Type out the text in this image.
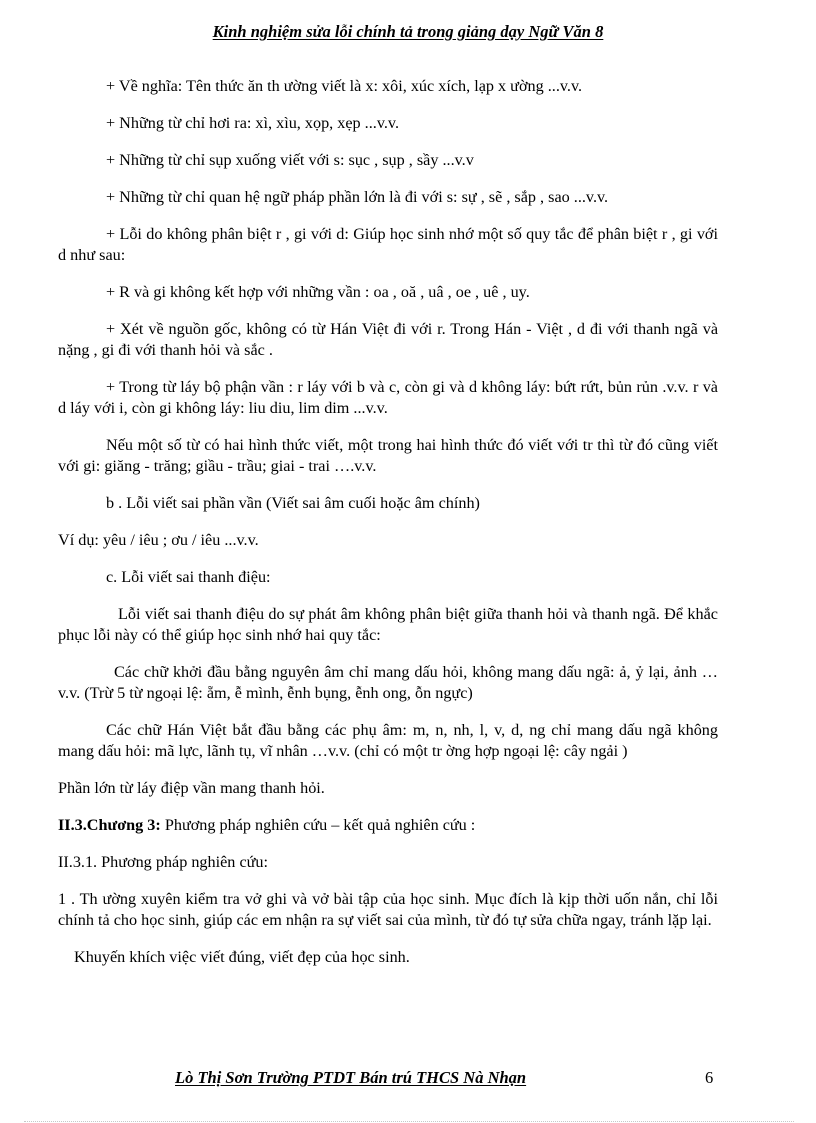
Kinh nghiệm sửa lỗi chính tả trong giảng dạy Ngữ Văn 8

+ Về nghĩa: Tên thức ăn th ường viết là x: xôi, xúc xích, lạp x ường ...v.v.

+ Những từ chỉ hơi ra: xì, xìu, xọp, xẹp ...v.v.

+ Những từ chỉ sụp xuống viết với s: sục , sụp , sầy ...v.v

+ Những từ chỉ quan hệ ngữ pháp phần lớn là đi với s: sự , sẽ , sắp , sao ...v.v.

+ Lỗi do không phân biệt r , gi với d: Giúp học sinh nhớ một số quy tắc để phân biệt r , gi với d như sau:

+ R và gi không kết hợp với những vần : oa , oă , uâ , oe , uê , uy.

+ Xét về nguồn gốc, không có từ Hán Việt đi với r. Trong Hán - Việt , d đi với thanh ngã và nặng , gi đi với thanh hỏi và sắc .

+ Trong từ láy bộ phận vần : r láy với b và c, còn gi và d không láy: bứt rứt, bủn rủn .v.v. r và d láy với i, còn gi không láy: liu diu, lim dim ...v.v.

Nếu một số từ có hai hình thức viết, một trong hai hình thức đó viết với tr thì từ đó cũng viết với gi: giăng - trăng; giầu - trầu; giai - trai ….v.v.

b . Lỗi viết sai phần vần (Viết sai âm cuối hoặc âm chính)

Ví dụ: yêu / iêu ; ơu / iêu ...v.v.

c. Lỗi viết sai thanh điệu:

Lỗi viết sai thanh điệu do sự phát âm không phân biệt giữa thanh hỏi và thanh ngã. Để khắc phục lỗi này có thể giúp học sinh nhớ hai quy tắc:

Các chữ khởi đầu bằng nguyên âm chỉ mang dấu hỏi, không mang dấu ngã: ả, ỷ lại, ảnh …v.v. (Trừ 5 từ ngoại lệ: ẵm, ễ mình, ễnh bụng, ễnh ong, ỗn ngực)

Các chữ Hán Việt bắt đầu bằng các phụ âm: m, n, nh, l, v, d, ng chỉ mang dấu ngã không mang dấu hỏi: mã lực, lãnh tụ, vĩ nhân …v.v. (chỉ có một tr ờng hợp ngoại lệ: cây ngải )

Phần lớn từ láy điệp vần mang thanh hỏi.

II.3.Chương 3: Phương pháp nghiên cứu – kết quả nghiên cứu :

II.3.1. Phương pháp nghiên cứu:

1 . Th ường xuyên kiểm tra vở ghi và vở bài tập của học sinh. Mục đích là kịp thời uốn nắn, chỉ lỗi chính tả cho học sinh, giúp các em nhận ra sự viết sai của mình, từ đó tự sửa chữa ngay, tránh lặp lại.

Khuyến khích việc viết đúng, viết đẹp của học sinh.

Lò Thị Sơn Trường PTDT Bán trú THCS Nà Nhạn	6
